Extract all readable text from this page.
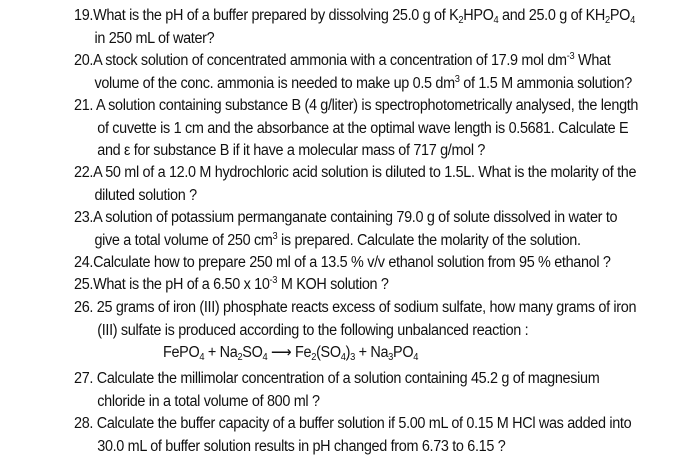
19.What is the pH of a buffer prepared by dissolving 25.0 g of $K_2HPO_4$ and 25.0 g of $KH_2PO_4$
in 250 mL of water?
20.A stock solution of concentrated ammonia with a concentration of 17.9 mol $dm^{-3}$ What
volume of the conc. ammonia is needed to make up 0.5 $dm^3$ of 1.5 M ammonia solution?
21. A solution containing substance B (4 g/liter) is spectrophotometrically analysed, the length
of cuvette is 1 cm and the absorbance at the optimal wave length is 0.5681. Calculate E
and ε for substance B if it have a molecular mass of 717 g/mol ?
22.A 50 ml of a 12.0 M hydrochloric acid solution is diluted to 1.5L. What is the molarity of the
diluted solution ?
23.A solution of potassium permanganate containing 79.0 g of solute dissolved in water to
give a total volume of 250 $cm^3$ is prepared. Calculate the molarity of the solution.
24.Calculate how to prepare 250 ml of a 13.5 % v/v ethanol solution from 95 % ethanol ?
25.What is the pH of a 6.50 x $10^{-3}$ M KOH solution ?
26. 25 grams of iron (III) phosphate reacts excess of sodium sulfate, how many grams of iron
(III) sulfate is produced according to the following unbalanced reaction :
FePO$_4$ + $Na_2SO_4$ ⟶ $Fe_2(SO_4)_3 + Na_3PO_4$
27. Calculate the millimolar concentration of a solution containing 45.2 g of magnesium
chloride in a total volume of 800 ml ?
28. Calculate the buffer capacity of a buffer solution if 5.00 mL of 0.15 M HCl was added into
30.0 mL of buffer solution results in pH changed from 6.73 to 6.15 ?
